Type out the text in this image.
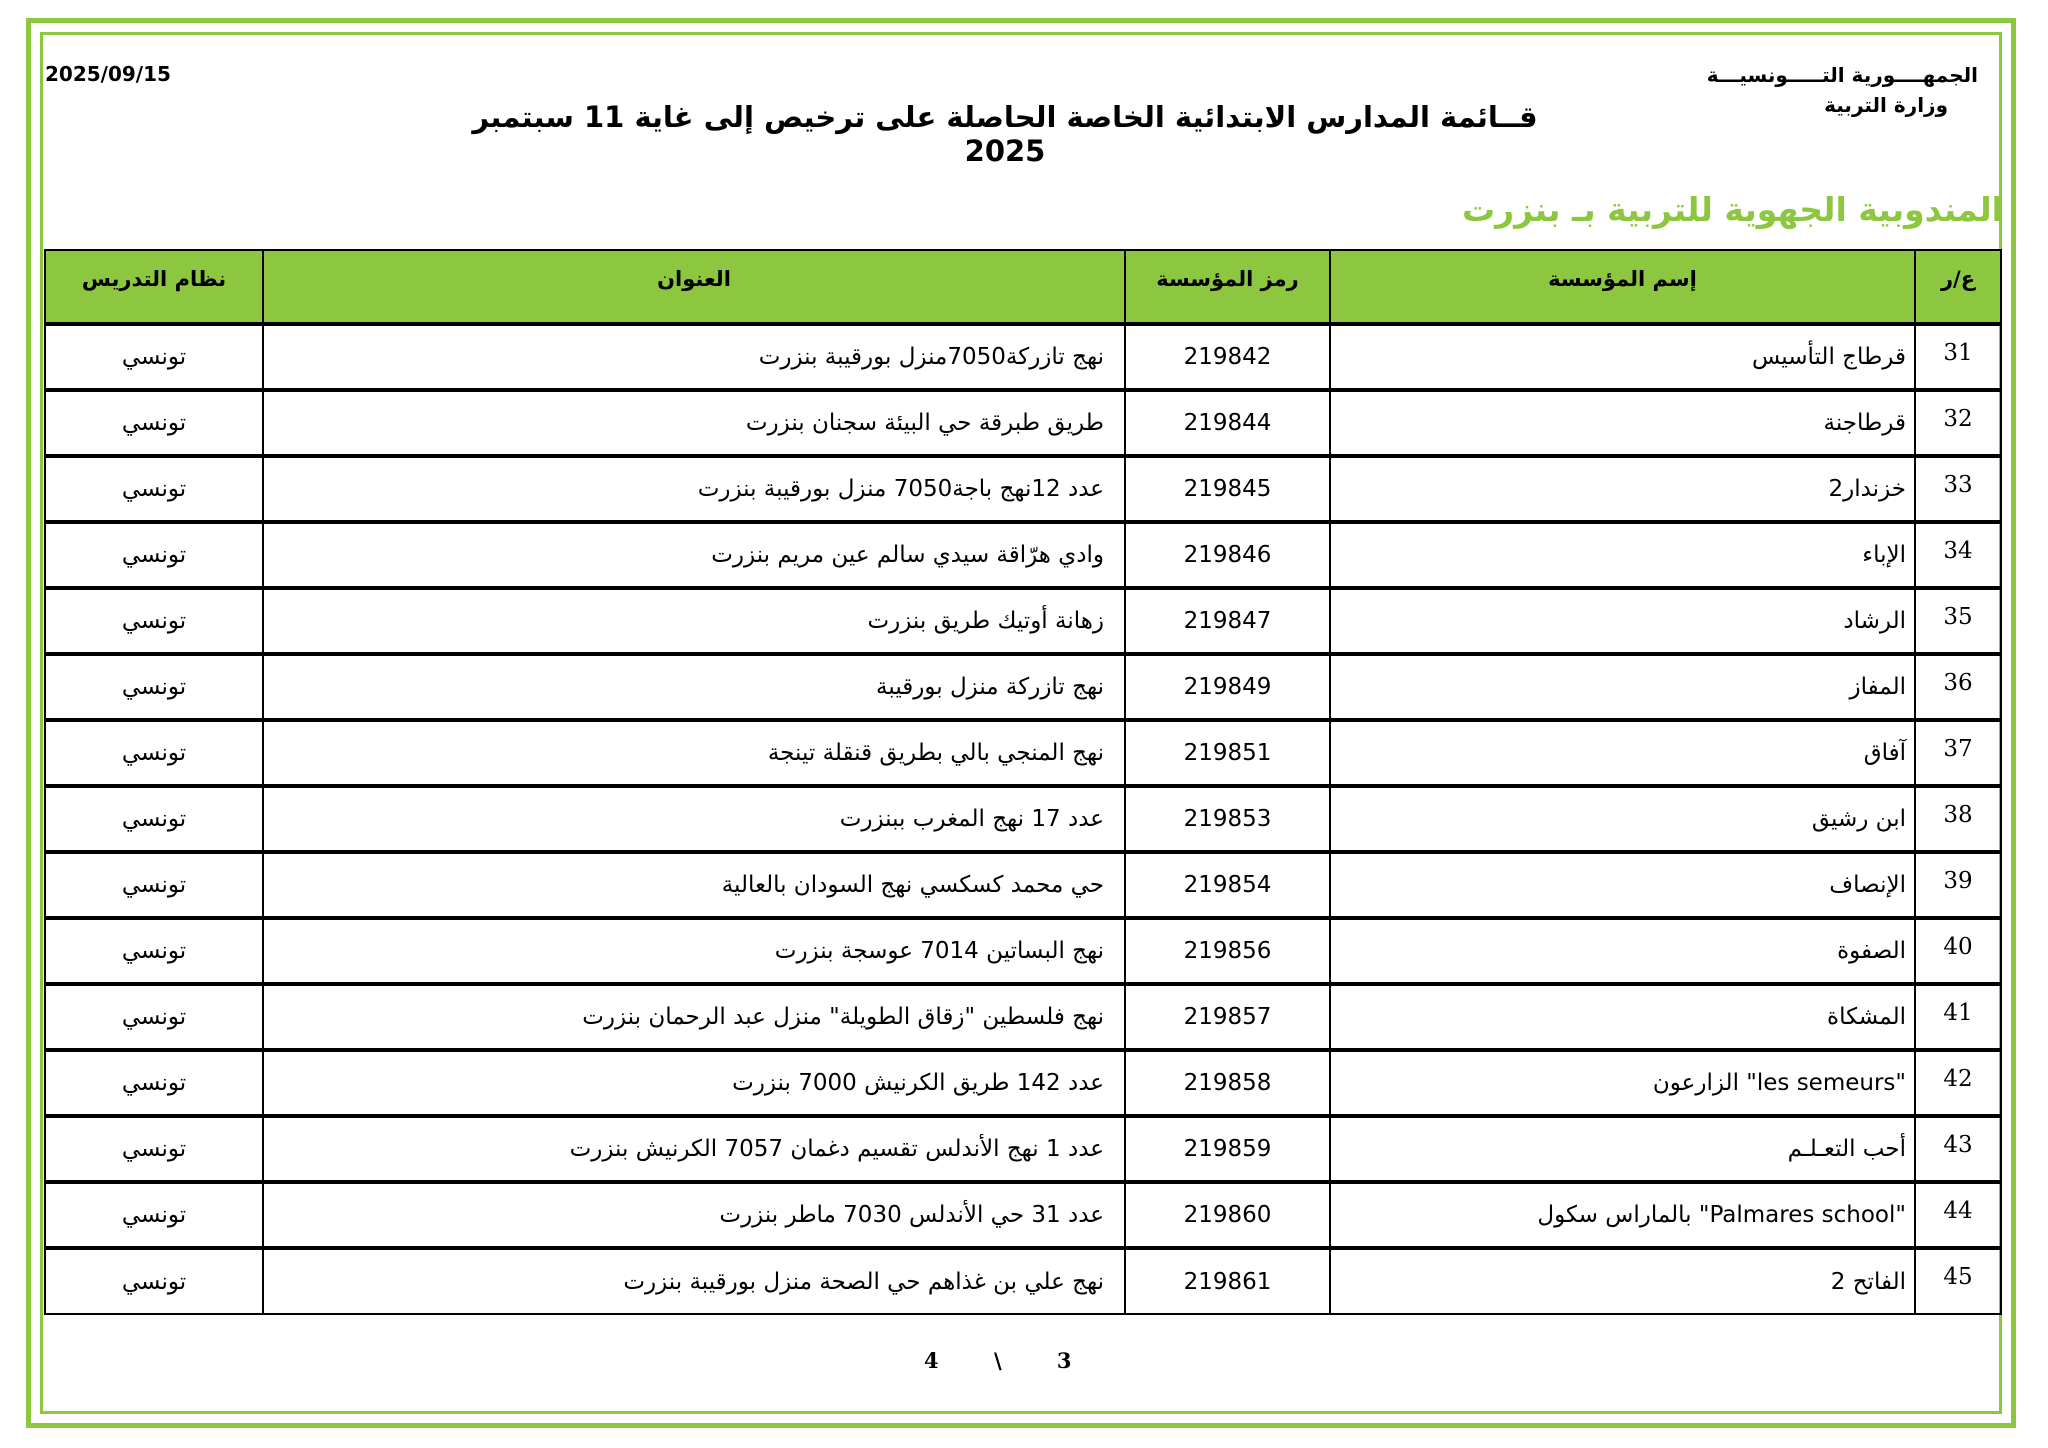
الجمهــــورية التـــــونسيـــة
وزارة التربية
2025/09/15
قــائمة المدارس الابتدائية الخاصة الحاصلة على ترخيص إلى غاية 11 سبتمبر 2025
المندوبية الجهوية للتربية بـ بنزرت
ع/ر	إسم المؤسسة	رمز المؤسسة	العنوان	نظام التدريس
31	قرطاج التأسيس	219842	نهج تازركة7050منزل بورقيبة بنزرت	تونسي
32	قرطاجنة	219844	طريق طبرقة حي البيئة سجنان بنزرت	تونسي
33	خزندار2	219845	عدد 12نهج باجة7050 منزل بورقيبة بنزرت	تونسي
34	الإباء	219846	وادي هرّاقة سيدي سالم عين مريم بنزرت	تونسي
35	الرشاد	219847	زهانة أوتيك طريق بنزرت	تونسي
36	المفاز	219849	نهج تازركة منزل بورقيبة	تونسي
37	آفاق	219851	نهج المنجي بالي بطريق قنقلة تينجة	تونسي
38	ابن رشيق	219853	عدد 17 نهج المغرب ببنزرت	تونسي
39	الإنصاف	219854	حي محمد كسكسي نهج السودان بالعالية	تونسي
40	الصفوة	219856	نهج البساتين 7014 عوسجة بنزرت	تونسي
41	المشكاة	219857	نهج فلسطين "زقاق الطويلة" منزل عبد الرحمان بنزرت	تونسي
42	"les semeurs" الزارعون	219858	عدد 142 طريق الكرنيش 7000 بنزرت	تونسي
43	أحب التعـلـم	219859	عدد 1 نهج الأندلس تقسيم دغمان 7057 الكرنيش بنزرت	تونسي
44	"Palmares school" بالماراس سكول	219860	عدد 31 حي الأندلس 7030 ماطر بنزرت	تونسي
45	الفاتح 2	219861	نهج علي بن غذاهم حي الصحة منزل بورقيبة بنزرت	تونسي
3 \ 4
